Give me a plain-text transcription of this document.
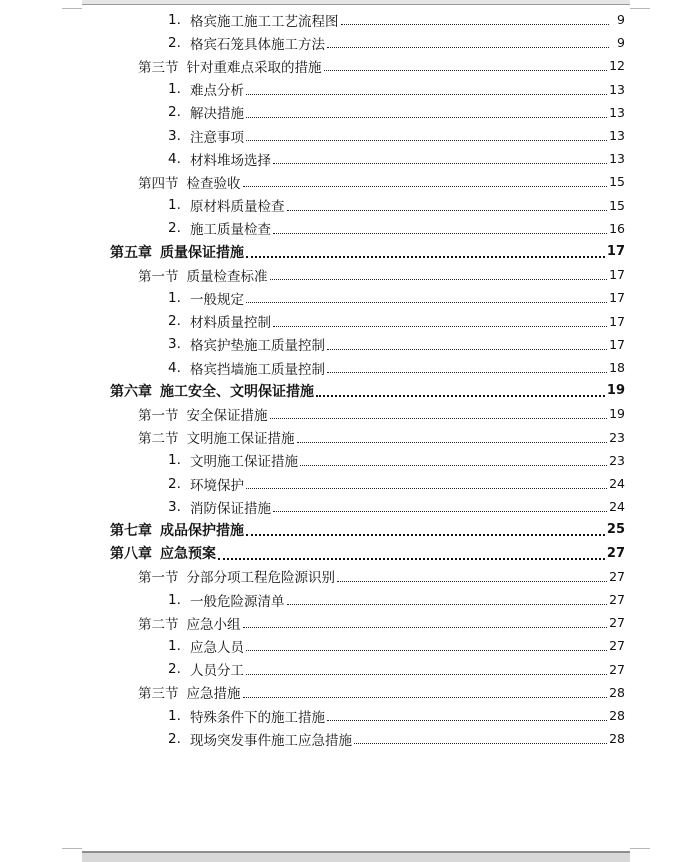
1. 格宾施工施工工艺流程图	9
2. 格宾石笼具体施工方法	9
第三节 针对重难点采取的措施	12
1. 难点分析	13
2. 解决措施	13
3. 注意事项	13
4. 材料堆场选择	13
第四节 检查验收	15
1. 原材料质量检查	15
2. 施工质量检查	16
第五章 质量保证措施	17
第一节 质量检查标准	17
1. 一般规定	17
2. 材料质量控制	17
3. 格宾护垫施工质量控制	17
4. 格宾挡墙施工质量控制	18
第六章 施工安全、文明保证措施	19
第一节 安全保证措施	19
第二节 文明施工保证措施	23
1. 文明施工保证措施	23
2. 环境保护	24
3. 消防保证措施	24
第七章 成品保护措施	25
第八章 应急预案	27
第一节 分部分项工程危险源识别	27
1. 一般危险源清单	27
第二节 应急小组	27
1. 应急人员	27
2. 人员分工	27
第三节 应急措施	28
1. 特殊条件下的施工措施	28
2. 现场突发事件施工应急措施	28
